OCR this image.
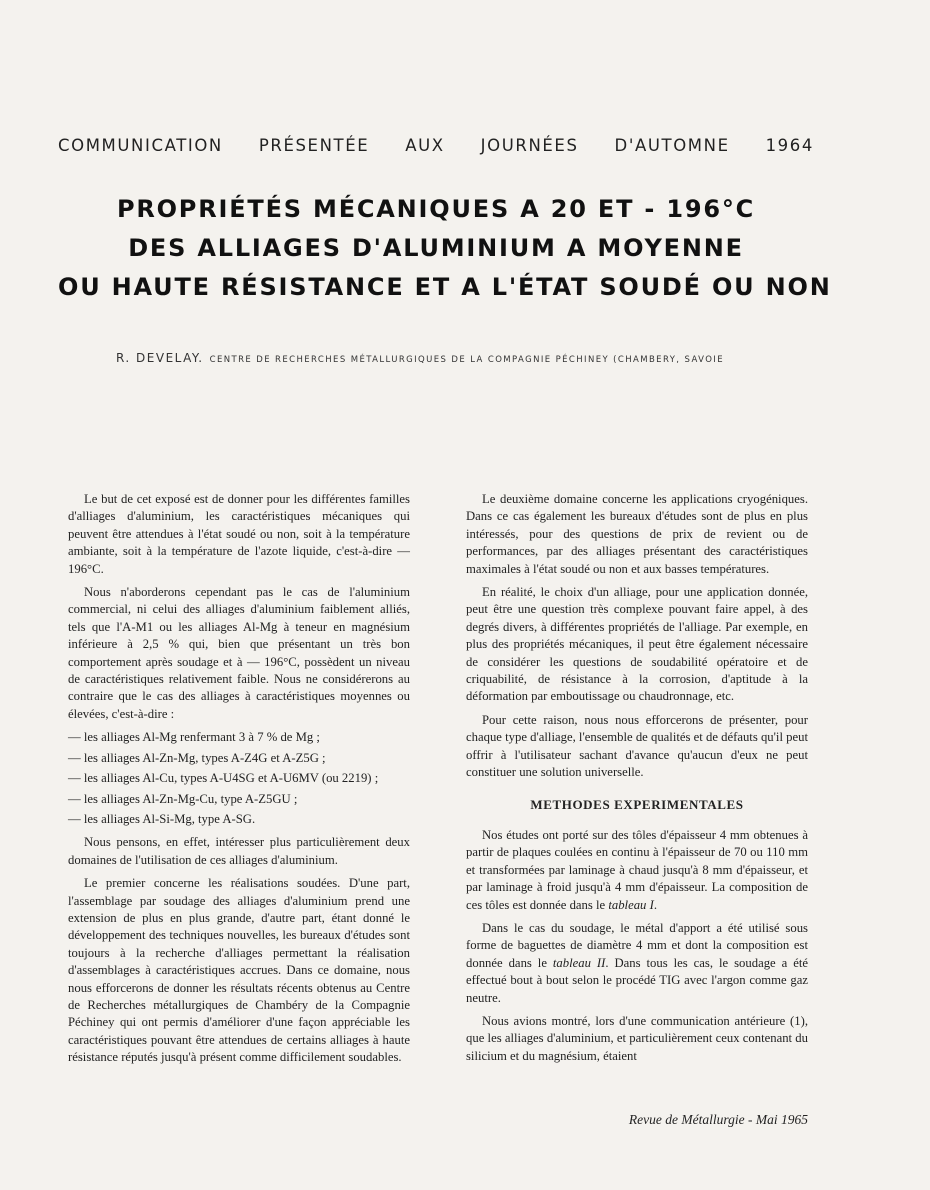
COMMUNICATION PRÉSENTÉE AUX JOURNÉES D'AUTOMNE 1964
PROPRIÉTÉS MÉCANIQUES A 20 ET - 196°C
DES ALLIAGES D'ALUMINIUM A MOYENNE
OU HAUTE RÉSISTANCE ET A L'ÉTAT SOUDÉ OU NON
R. DEVELAY. CENTRE DE RECHERCHES MÉTALLURGIQUES DE LA COMPAGNIE PÉCHINEY (CHAMBERY, SAVOIE

Le but de cet exposé est de donner pour les différentes familles d'alliages d'aluminium, les caractéristiques mécaniques qui peuvent être attendues à l'état soudé ou non, soit à la température ambiante, soit à la température de l'azote liquide, c'est-à-dire — 196°C.

Nous n'aborderons cependant pas le cas de l'aluminium commercial, ni celui des alliages d'aluminium faiblement alliés, tels que l'A-M1 ou les alliages Al-Mg à teneur en magnésium inférieure à 2,5 % qui, bien que présentant un très bon comportement après soudage et à — 196°C, possèdent un niveau de caractéristiques relativement faible. Nous ne considérerons au contraire que le cas des alliages à caractéristiques moyennes ou élevées, c'est-à-dire :

— les alliages Al-Mg renfermant 3 à 7 % de Mg ;
— les alliages Al-Zn-Mg, types A-Z4G et A-Z5G ;
— les alliages Al-Cu, types A-U4SG et A-U6MV (ou 2219) ;
— les alliages Al-Zn-Mg-Cu, type A-Z5GU ;
— les alliages Al-Si-Mg, type A-SG.

Nous pensons, en effet, intéresser plus particulièrement deux domaines de l'utilisation de ces alliages d'aluminium.

Le premier concerne les réalisations soudées. D'une part, l'assemblage par soudage des alliages d'aluminium prend une extension de plus en plus grande, d'autre part, étant donné le développement des techniques nouvelles, les bureaux d'études sont toujours à la recherche d'alliages permettant la réalisation d'assemblages à caractéristiques accrues. Dans ce domaine, nous nous efforcerons de donner les résultats récents obtenus au Centre de Recherches métallurgiques de Chambéry de la Compagnie Péchiney qui ont permis d'améliorer d'une façon appréciable les caractéristiques pouvant être attendues de certains alliages à haute résistance réputés jusqu'à présent comme difficilement soudables.

Le deuxième domaine concerne les applications cryogéniques. Dans ce cas également les bureaux d'études sont de plus en plus intéressés, pour des questions de prix de revient ou de performances, par des alliages présentant des caractéristiques maximales à l'état soudé ou non et aux basses températures.

En réalité, le choix d'un alliage, pour une application donnée, peut être une question très complexe pouvant faire appel, à des degrés divers, à différentes propriétés de l'alliage. Par exemple, en plus des propriétés mécaniques, il peut être également nécessaire de considérer les questions de soudabilité opératoire et de criquabilité, de résistance à la corrosion, d'aptitude à la déformation par emboutissage ou chaudronnage, etc.

Pour cette raison, nous nous efforcerons de présenter, pour chaque type d'alliage, l'ensemble de qualités et de défauts qu'il peut offrir à l'utilisateur sachant d'avance qu'aucun d'eux ne peut constituer une solution universelle.

METHODES EXPERIMENTALES

Nos études ont porté sur des tôles d'épaisseur 4 mm obtenues à partir de plaques coulées en continu à l'épaisseur de 70 ou 110 mm et transformées par laminage à chaud jusqu'à 8 mm d'épaisseur, et par laminage à froid jusqu'à 4 mm d'épaisseur. La composition de ces tôles est donnée dans le tableau I.

Dans le cas du soudage, le métal d'apport a été utilisé sous forme de baguettes de diamètre 4 mm et dont la composition est donnée dans le tableau II. Dans tous les cas, le soudage a été effectué bout à bout selon le procédé TIG avec l'argon comme gaz neutre.

Nous avions montré, lors d'une communication antérieure (1), que les alliages d'aluminium, et particulièrement ceux contenant du silicium et du magnésium, étaient

Revue de Métallurgie - Mai 1965
